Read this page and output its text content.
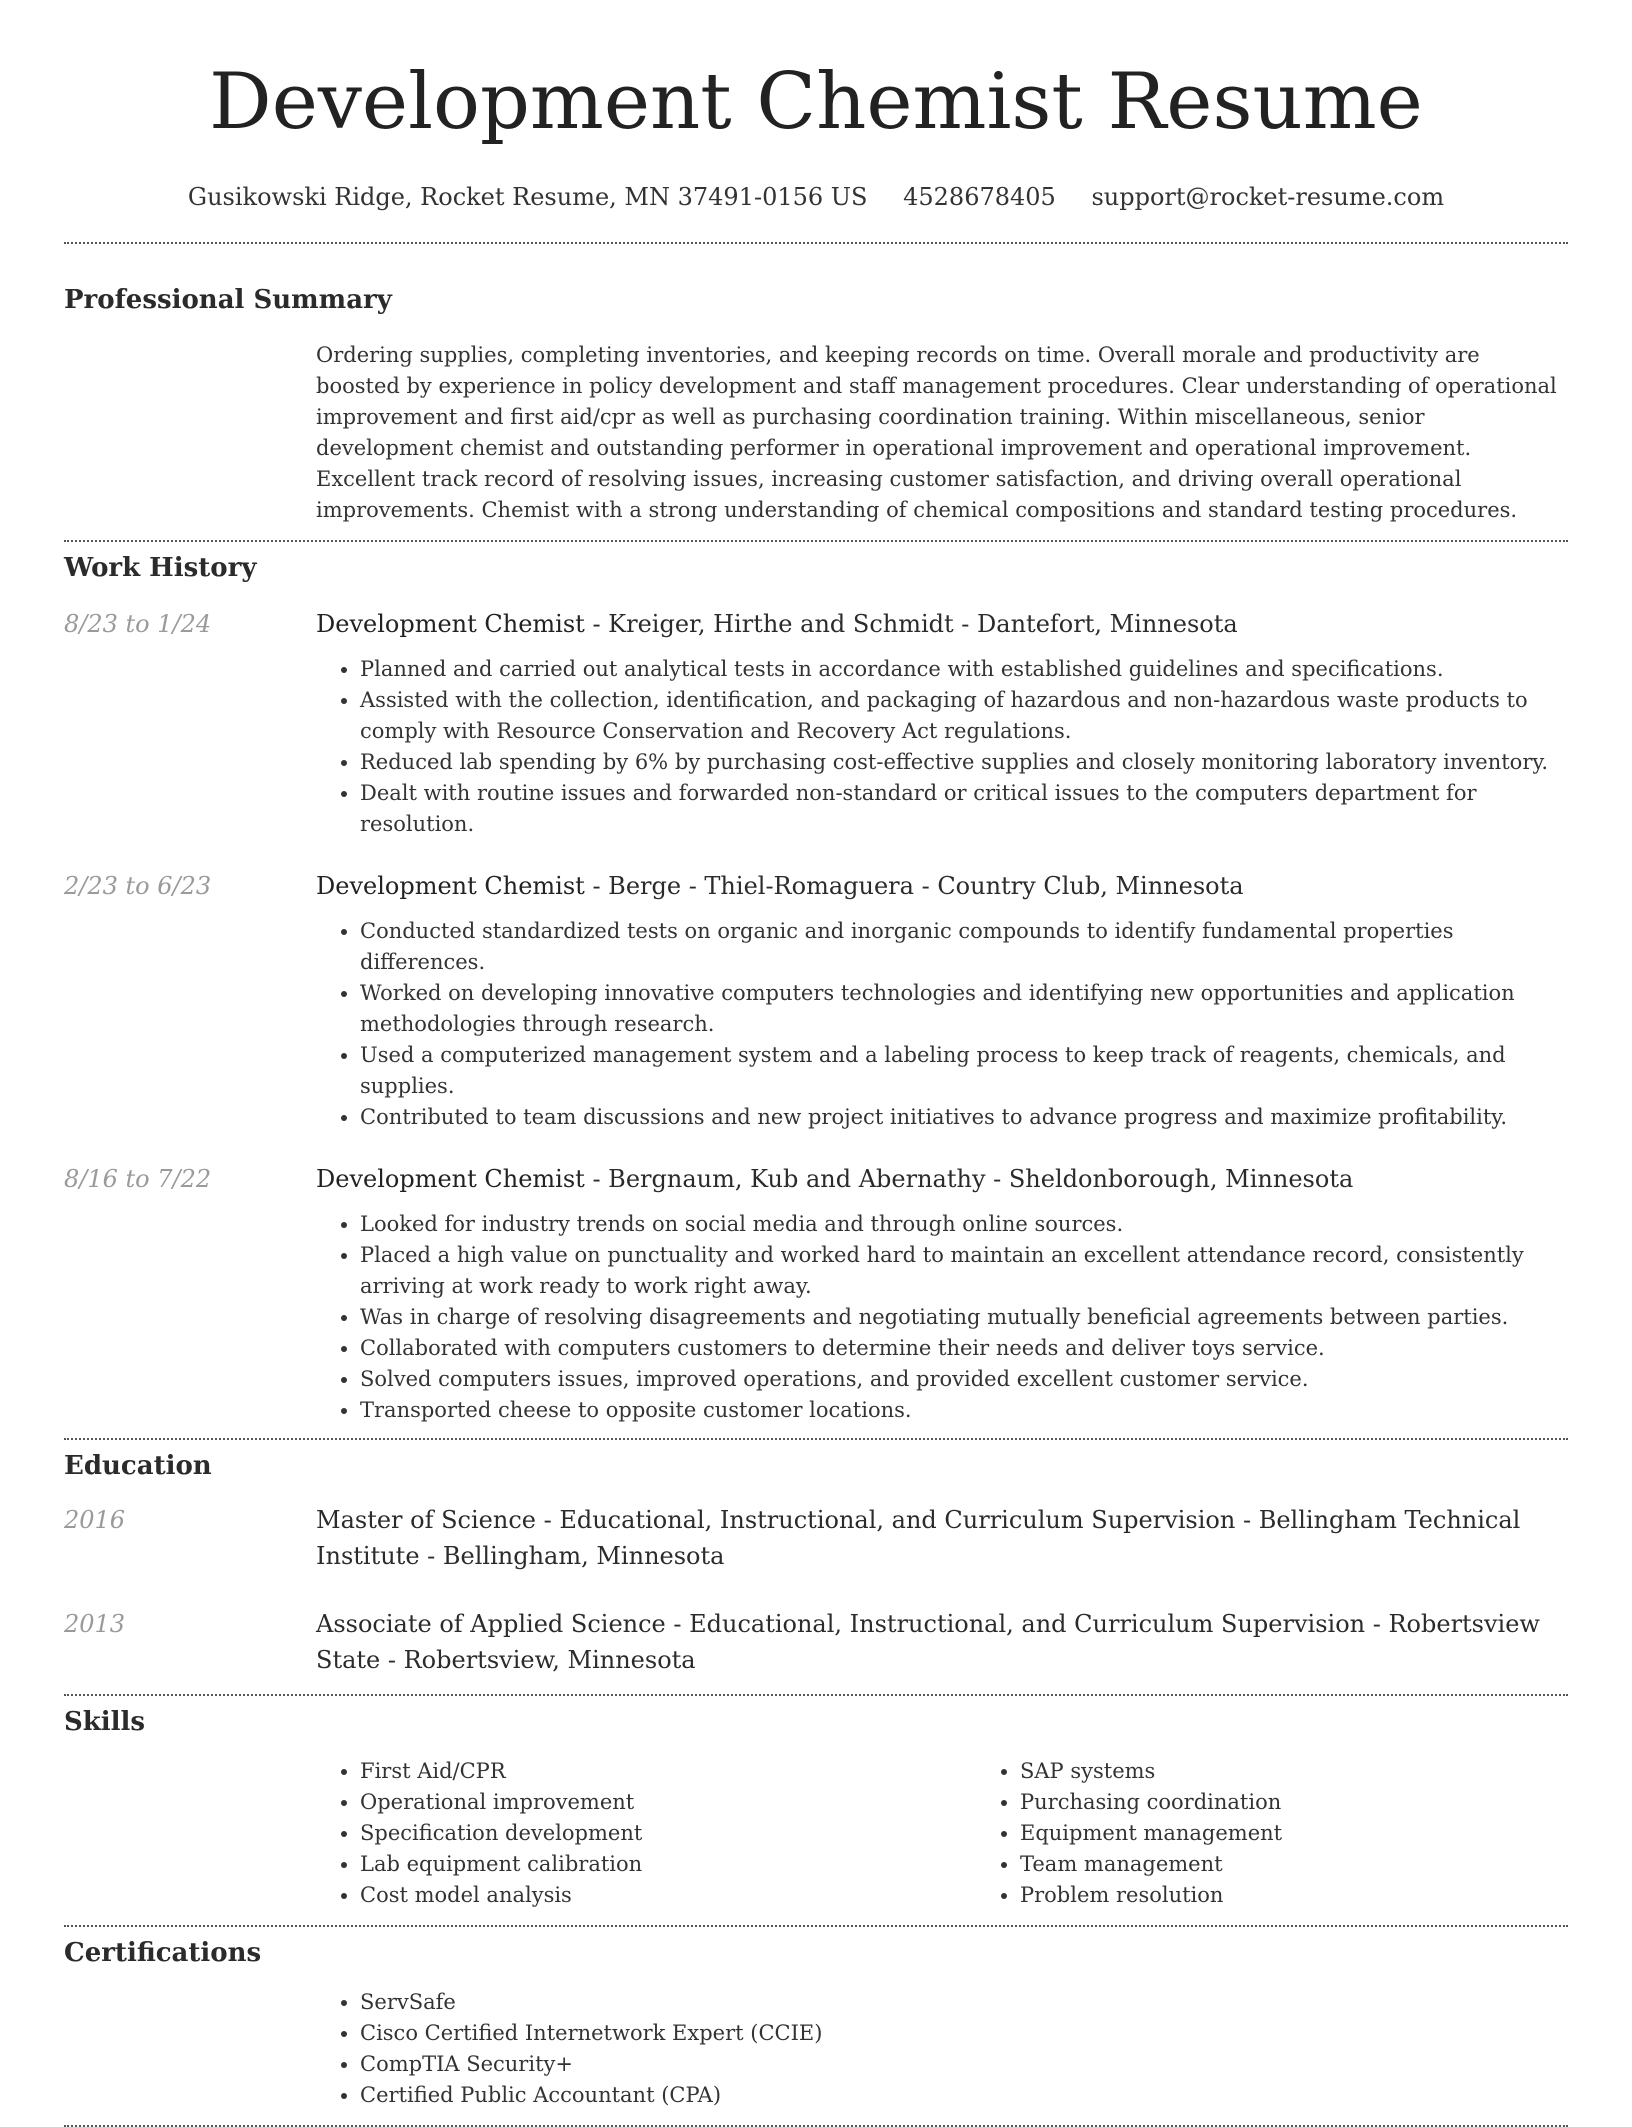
Development Chemist Resume
Gusikowski Ridge, Rocket Resume, MN 37491-0156 US 4528678405 support@rocket-resume.com
Professional Summary

Ordering supplies, completing inventories, and keeping records on time. Overall morale and productivity are boosted by experience in policy development and staff management procedures. Clear understanding of operational improvement and first aid/cpr as well as purchasing coordination training. Within miscellaneous, senior development chemist and outstanding performer in operational improvement and operational improvement. Excellent track record of resolving issues, increasing customer satisfaction, and driving overall operational improvements. Chemist with a strong understanding of chemical compositions and standard testing procedures.

Work History
8/23 to 1/24	Development Chemist - Kreiger, Hirthe and Schmidt - Dantefort, Minnesota

• Planned and carried out analytical tests in accordance with established guidelines and specifications.
• Assisted with the collection, identification, and packaging of hazardous and non-hazardous waste products to comply with Resource Conservation and Recovery Act regulations.
• Reduced lab spending by 6% by purchasing cost-effective supplies and closely monitoring laboratory inventory.
• Dealt with routine issues and forwarded non-standard or critical issues to the computers department for resolution.
2/23 to 6/23	Development Chemist - Berge - Thiel-Romaguera - Country Club, Minnesota

• Conducted standardized tests on organic and inorganic compounds to identify fundamental properties differences.
• Worked on developing innovative computers technologies and identifying new opportunities and application methodologies through research.
• Used a computerized management system and a labeling process to keep track of reagents, chemicals, and supplies.
• Contributed to team discussions and new project initiatives to advance progress and maximize profitability.
8/16 to 7/22	Development Chemist - Bergnaum, Kub and Abernathy - Sheldonborough, Minnesota

• Looked for industry trends on social media and through online sources.
• Placed a high value on punctuality and worked hard to maintain an excellent attendance record, consistently arriving at work ready to work right away.
• Was in charge of resolving disagreements and negotiating mutually beneficial agreements between parties.
• Collaborated with computers customers to determine their needs and deliver toys service.
• Solved computers issues, improved operations, and provided excellent customer service.
• Transported cheese to opposite customer locations.
Education
2016	Master of Science - Educational, Instructional, and Curriculum Supervision - Bellingham Technical Institute - Bellingham, Minnesota

2013	Associate of Applied Science - Educational, Instructional, and Curriculum Supervision - Robertsview State - Robertsview, Minnesota

Skills
• First Aid/CPR
• Operational improvement
• Specification development
• Lab equipment calibration
• Cost model analysis
• SAP systems
• Purchasing coordination
• Equipment management
• Team management
• Problem resolution
Certifications
• ServSafe
• Cisco Certified Internetwork Expert (CCIE)
• CompTIA Security+
• Certified Public Accountant (CPA)
